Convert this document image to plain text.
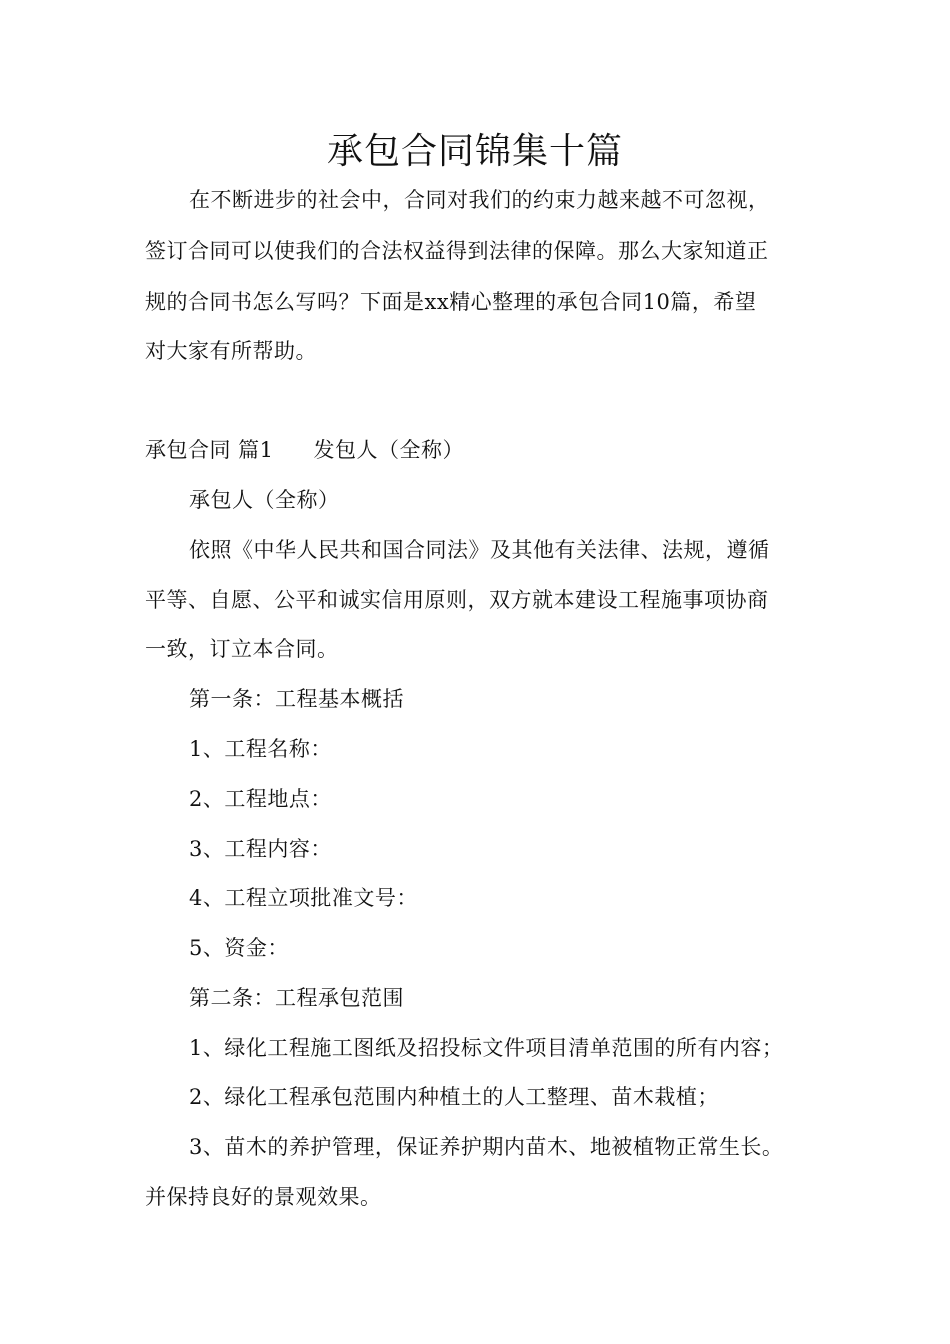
承包合同锦集十篇
在不断进步的社会中，合同对我们的约束力越来越不可忽视，
签订合同可以使我们的合法权益得到法律的保障。那么大家知道正
规的合同书怎么写吗？下面是xx精心整理的承包合同10篇，希望
对大家有所帮助。
承包合同 篇1 发包人（全称）
承包人（全称）
依照《中华人民共和国合同法》及其他有关法律、法规，遵循
平等、自愿、公平和诚实信用原则，双方就本建设工程施事项协商
一致，订立本合同。
第一条：工程基本概括
1、工程名称：
2、工程地点：
3、工程内容：
4、工程立项批准文号：
5、资金：
第二条：工程承包范围
1、绿化工程施工图纸及招投标文件项目清单范围的所有内容；
2、绿化工程承包范围内种植土的人工整理、苗木栽植；
3、苗木的养护管理，保证养护期内苗木、地被植物正常生长。
并保持良好的景观效果。
